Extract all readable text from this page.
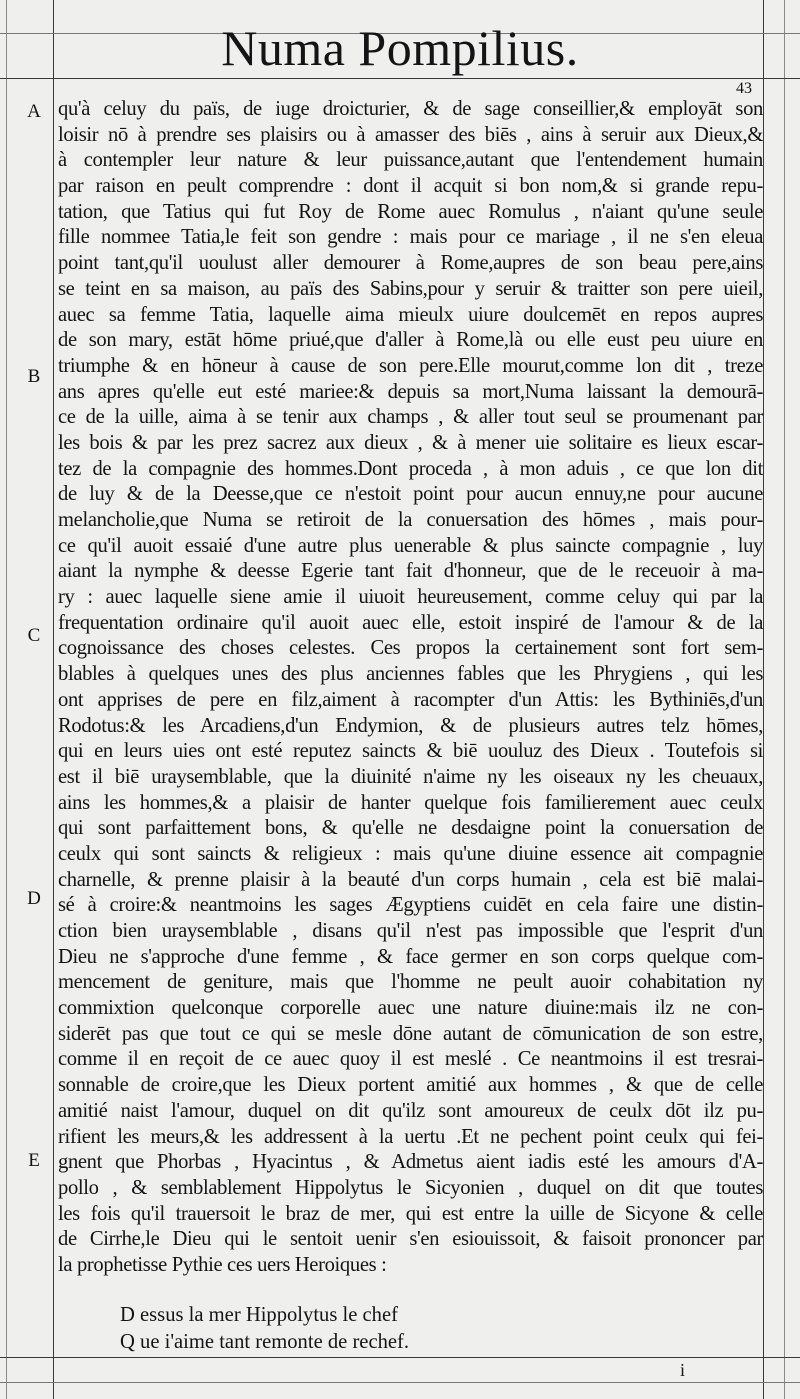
Numa Pompilius.
43
A
B
C
D
E
qu'à celuy du païs, de iuge droicturier, & de sage conseillier,& employāt son
loisir nō à prendre ses plaisirs ou à amasser des biēs , ains à seruir aux Dieux,&
à contempler leur nature & leur puissance,autant que l'entendement humain
par raison en peult comprendre : dont il acquit si bon nom,& si grande repu-
tation, que Tatius qui fut Roy de Rome auec Romulus , n'aiant qu'une seule
fille nommee Tatia,le feit son gendre : mais pour ce mariage , il ne s'en eleua
point tant,qu'il uoulust aller demourer à Rome,aupres de son beau pere,ains
se teint en sa maison, au païs des Sabins,pour y seruir & traitter son pere uieil,
auec sa femme Tatia, laquelle aima mieulx uiure doulcemēt en repos aupres
de son mary, estāt hōme priué,que d'aller à Rome,là ou elle eust peu uiure en
triumphe & en hōneur à cause de son pere.Elle mourut,comme lon dit , treze
ans apres qu'elle eut esté mariee:& depuis sa mort,Numa laissant la demourā-
ce de la uille, aima à se tenir aux champs , & aller tout seul se proumenant par
les bois & par les prez sacrez aux dieux , & à mener uie solitaire es lieux escar-
tez de la compagnie des hommes.Dont proceda , à mon aduis , ce que lon dit
de luy & de la Deesse,que ce n'estoit point pour aucun ennuy,ne pour aucune
melancholie,que Numa se retiroit de la conuersation des hōmes , mais pour-
ce qu'il auoit essaié d'une autre plus uenerable & plus saincte compagnie , luy
aiant la nymphe & deesse Egerie tant fait d'honneur, que de le receuoir à ma-
ry : auec laquelle siene amie il uiuoit heureusement, comme celuy qui par la
frequentation ordinaire qu'il auoit auec elle, estoit inspiré de l'amour & de la
cognoissance des choses celestes. Ces propos la certainement sont fort sem-
blables à quelques unes des plus anciennes fables que les Phrygiens , qui les
ont apprises de pere en filz,aiment à racompter d'un Attis: les Bythiniēs,d'un
Rodotus:& les Arcadiens,d'un Endymion, & de plusieurs autres telz hōmes,
qui en leurs uies ont esté reputez saincts & biē uouluz des Dieux . Toutefois si
est il biē uraysemblable, que la diuinité n'aime ny les oiseaux ny les cheuaux,
ains les hommes,& a plaisir de hanter quelque fois familierement auec ceulx
qui sont parfaittement bons, & qu'elle ne desdaigne point la conuersation de
ceulx qui sont saincts & religieux : mais qu'une diuine essence ait compagnie
charnelle, & prenne plaisir à la beauté d'un corps humain , cela est biē malai-
sé à croire:& neantmoins les sages Ægyptiens cuidēt en cela faire une distin-
ction bien uraysemblable , disans qu'il n'est pas impossible que l'esprit d'un
Dieu ne s'approche d'une femme , & face germer en son corps quelque com-
mencement de geniture, mais que l'homme ne peult auoir cohabitation ny
commixtion quelconque corporelle auec une nature diuine:mais ilz ne con-
siderēt pas que tout ce qui se mesle dōne autant de cōmunication de son estre,
comme il en reçoit de ce auec quoy il est meslé . Ce neantmoins il est tresrai-
sonnable de croire,que les Dieux portent amitié aux hommes , & que de celle
amitié naist l'amour, duquel on dit qu'ilz sont amoureux de ceulx dōt ilz pu-
rifient les meurs,& les addressent à la uertu .Et ne pechent point ceulx qui fei-
gnent que Phorbas , Hyacintus , & Admetus aient iadis esté les amours d'A-
pollo , & semblablement Hippolytus le Sicyonien , duquel on dit que toutes
les fois qu'il trauersoit le braz de mer, qui est entre la uille de Sicyone & celle
de Cirrhe,le Dieu qui le sentoit uenir s'en esiouissoit, & faisoit prononcer par
la prophetisse Pythie ces uers Heroiques :
D essus la mer Hippolytus le chef
Q ue i'aime tant remonte de rechef.
i
